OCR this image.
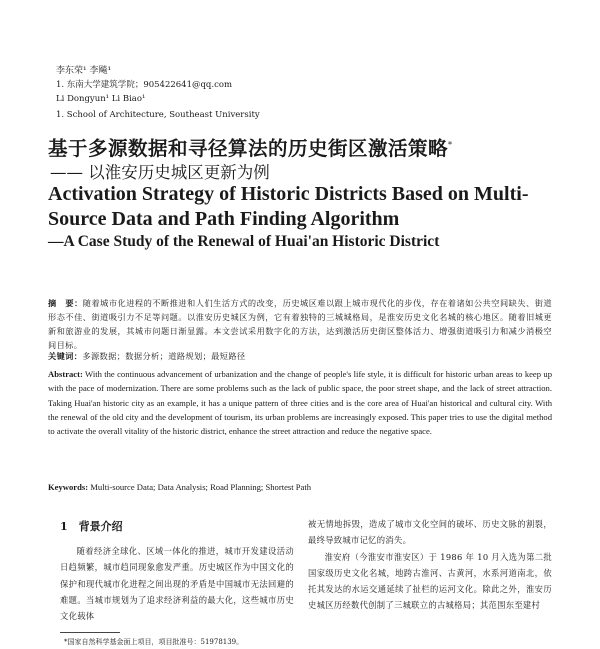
李东荣¹ 李飚¹
1. 东南大学建筑学院；905422641@qq.com
Li Dongyun¹ Li Biao¹
1. School of Architecture, Southeast University
基于多源数据和寻径算法的历史街区激活策略*
—— 以淮安历史城区更新为例
Activation Strategy of Historic Districts Based on Multi-
Source Data and Path Finding Algorithm
—A Case Study of the Renewal of Huai'an Historic District
摘　要：随着城市化进程的不断推进和人们生活方式的改变，历史城区难以跟上城市现代化的步伐，存在着诸如公共空间缺失、街道形态不佳、街道吸引力不足等问题。以淮安历史城区为例，它有着独特的三城城格局，是淮安历史文化名城的核心地区。随着旧城更新和旅游业的发展，其城市问题日渐显露。本文尝试采用数字化的方法，达到激活历史街区整体活力、增强街道吸引力和减少消极空间目标。
关键词：多源数据；数据分析；道路规划；最短路径
Abstract: With the continuous advancement of urbanization and the change of people's life style, it is difficult for historic urban areas to keep up with the pace of modernization. There are some problems such as the lack of public space, the poor street shape, and the lack of street attraction. Taking Huai'an historic city as an example, it has a unique pattern of three cities and is the core area of Huai'an historical and cultural city. With the renewal of the old city and the development of tourism, its urban problems are increasingly exposed. This paper tries to use the digital method to activate the overall vitality of the historic district, enhance the street attraction and reduce the negative space.
Keywords: Multi-source Data; Data Analysis; Road Planning; Shortest Path
1　背景介绍
随着经济全球化、区域一体化的推进，城市开发建设活动日趋频繁，城市趋同现象愈发严重。历史城区作为中国文化的保护和现代城市化进程之间出现的矛盾是中国城市无法回避的难题。当城市规划为了追求经济利益的最大化，这些城市历史文化载体
被无情地拆毁，造成了城市文化空间的破坏、历史文脉的割裂，最终导致城市记忆的消失。
淮安府（今淮安市淮安区）于 1986 年 10 月入选为第二批国家级历史文化名城，地跨古淮河、古黄河，水系河道南北，依托其发达的水运交通延续了扯栏的运河文化。除此之外，淮安历史城区历经数代创制了三城联立的古城格局；其范围东至建村
*国家自然科学基金面上项目，项目批准号：51978139。
